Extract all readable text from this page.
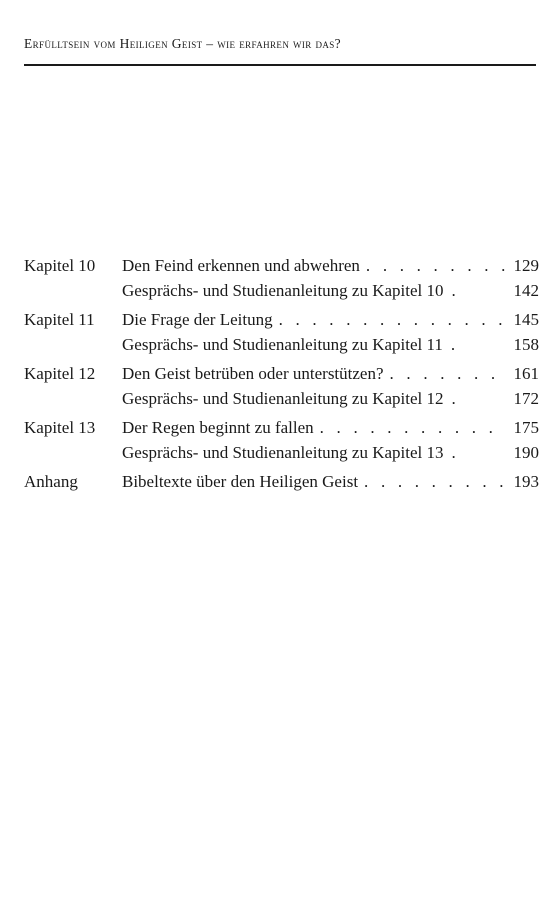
Erfülltsein vom Heiligen Geist – wie erfahren wir das?
Kapitel 10	Den Feind erkennen und abwehren . . .	129
Gesprächs- und Studienanleitung zu Kapitel 10 .	142
Kapitel 11	Die Frage der Leitung . . .	145
Gesprächs- und Studienanleitung zu Kapitel 11 .	158
Kapitel 12	Den Geist betrüben oder unterstützen? . . .	161
Gesprächs- und Studienanleitung zu Kapitel 12 .	172
Kapitel 13	Der Regen beginnt zu fallen . . .	175
Gesprächs- und Studienanleitung zu Kapitel 13 .	190
Anhang	Bibeltexte über den Heiligen Geist . . .	193
